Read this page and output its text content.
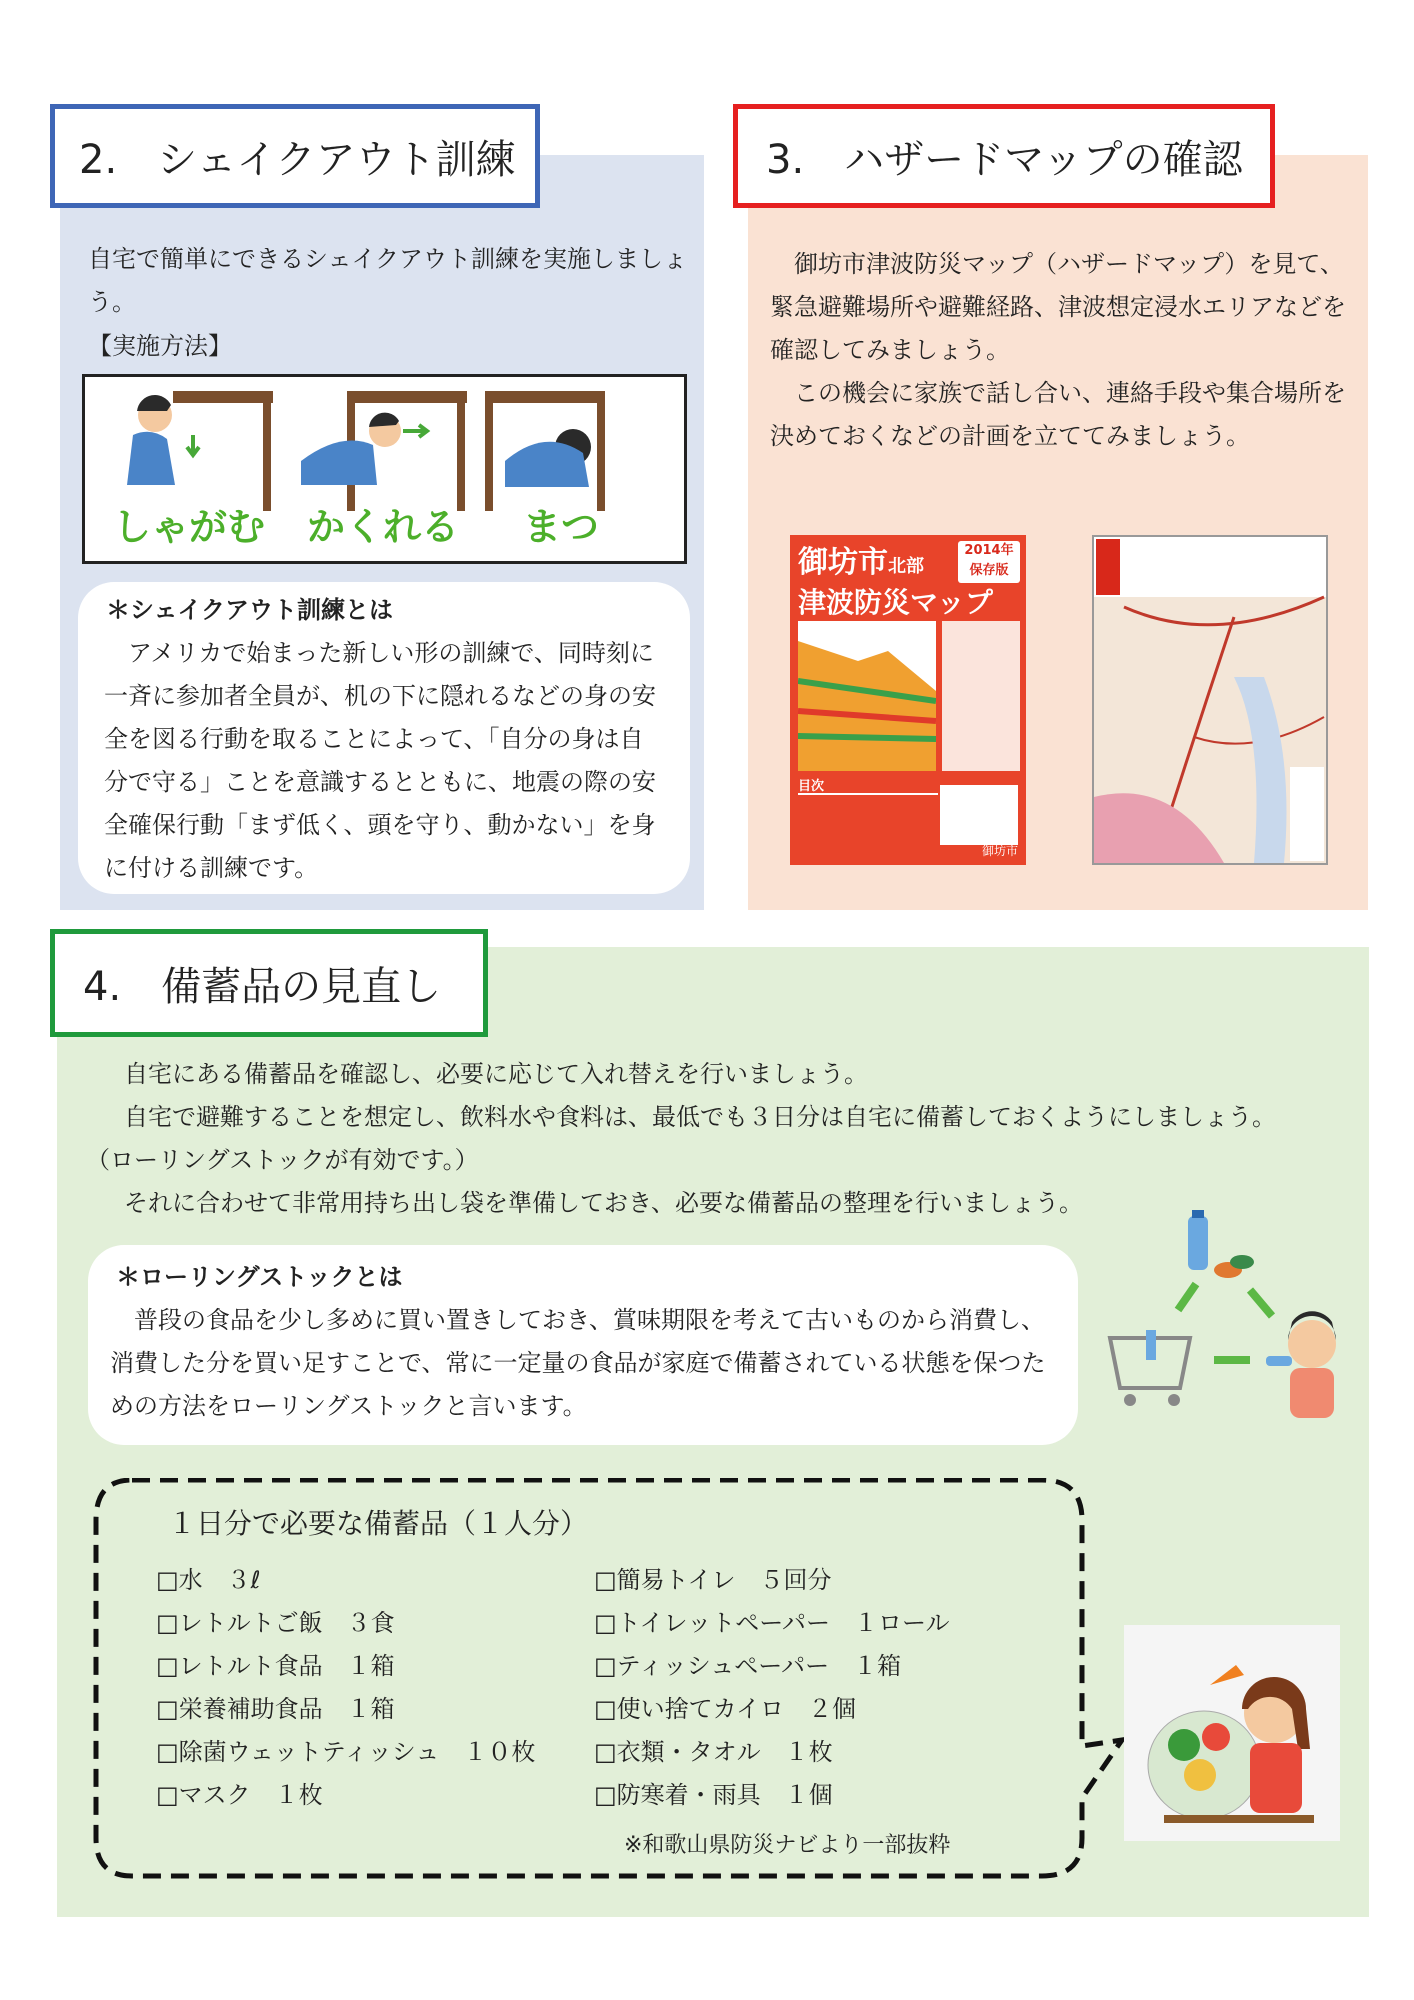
2.　シェイクアウト訓練
自宅で簡単にできるシェイクアウト訓練を実施しましょう。
【実施方法】
しゃがむ かくれる まつ
＊シェイクアウト訓練とは
　アメリカで始まった新しい形の訓練で、同時刻に一斉に参加者全員が、机の下に隠れるなどの身の安全を図る行動を取ることによって、「自分の身は自分で守る」ことを意識するとともに、地震の際の安全確保行動「まず低く、頭を守り、動かない」を身に付ける訓練です。
3.　ハザードマップの確認
　御坊市津波防災マップ（ハザードマップ）を見て、緊急避難場所や避難経路、津波想定浸水エリアなどを確認してみましょう。
　この機会に家族で話し合い、連絡手段や集合場所を決めておくなどの計画を立ててみましょう。
御坊市北部
津波防災マップ
2014年
保存版
目次
御坊市
4.　備蓄品の見直し
　自宅にある備蓄品を確認し、必要に応じて入れ替えを行いましょう。
　自宅で避難することを想定し、飲料水や食料は、最低でも３日分は自宅に備蓄しておくようにしましょう。
（ローリングストックが有効です。）
　それに合わせて非常用持ち出し袋を準備しておき、必要な備蓄品の整理を行いましょう。
＊ローリングストックとは
　普段の食品を少し多めに買い置きしておき、賞味期限を考えて古いものから消費し、消費した分を買い足すことで、常に一定量の食品が家庭で備蓄されている状態を保つための方法をローリングストックと言います。
１日分で必要な備蓄品（１人分）
□水　３ℓ
□レトルトご飯　３食
□レトルト食品　１箱
□栄養補助食品　１箱
□除菌ウェットティッシュ　１０枚
□マスク　１枚
□簡易トイレ　５回分
□トイレットペーパー　１ロール
□ティッシュペーパー　１箱
□使い捨てカイロ　２個
□衣類・タオル　１枚
□防寒着・雨具　１個
※和歌山県防災ナビより一部抜粋
